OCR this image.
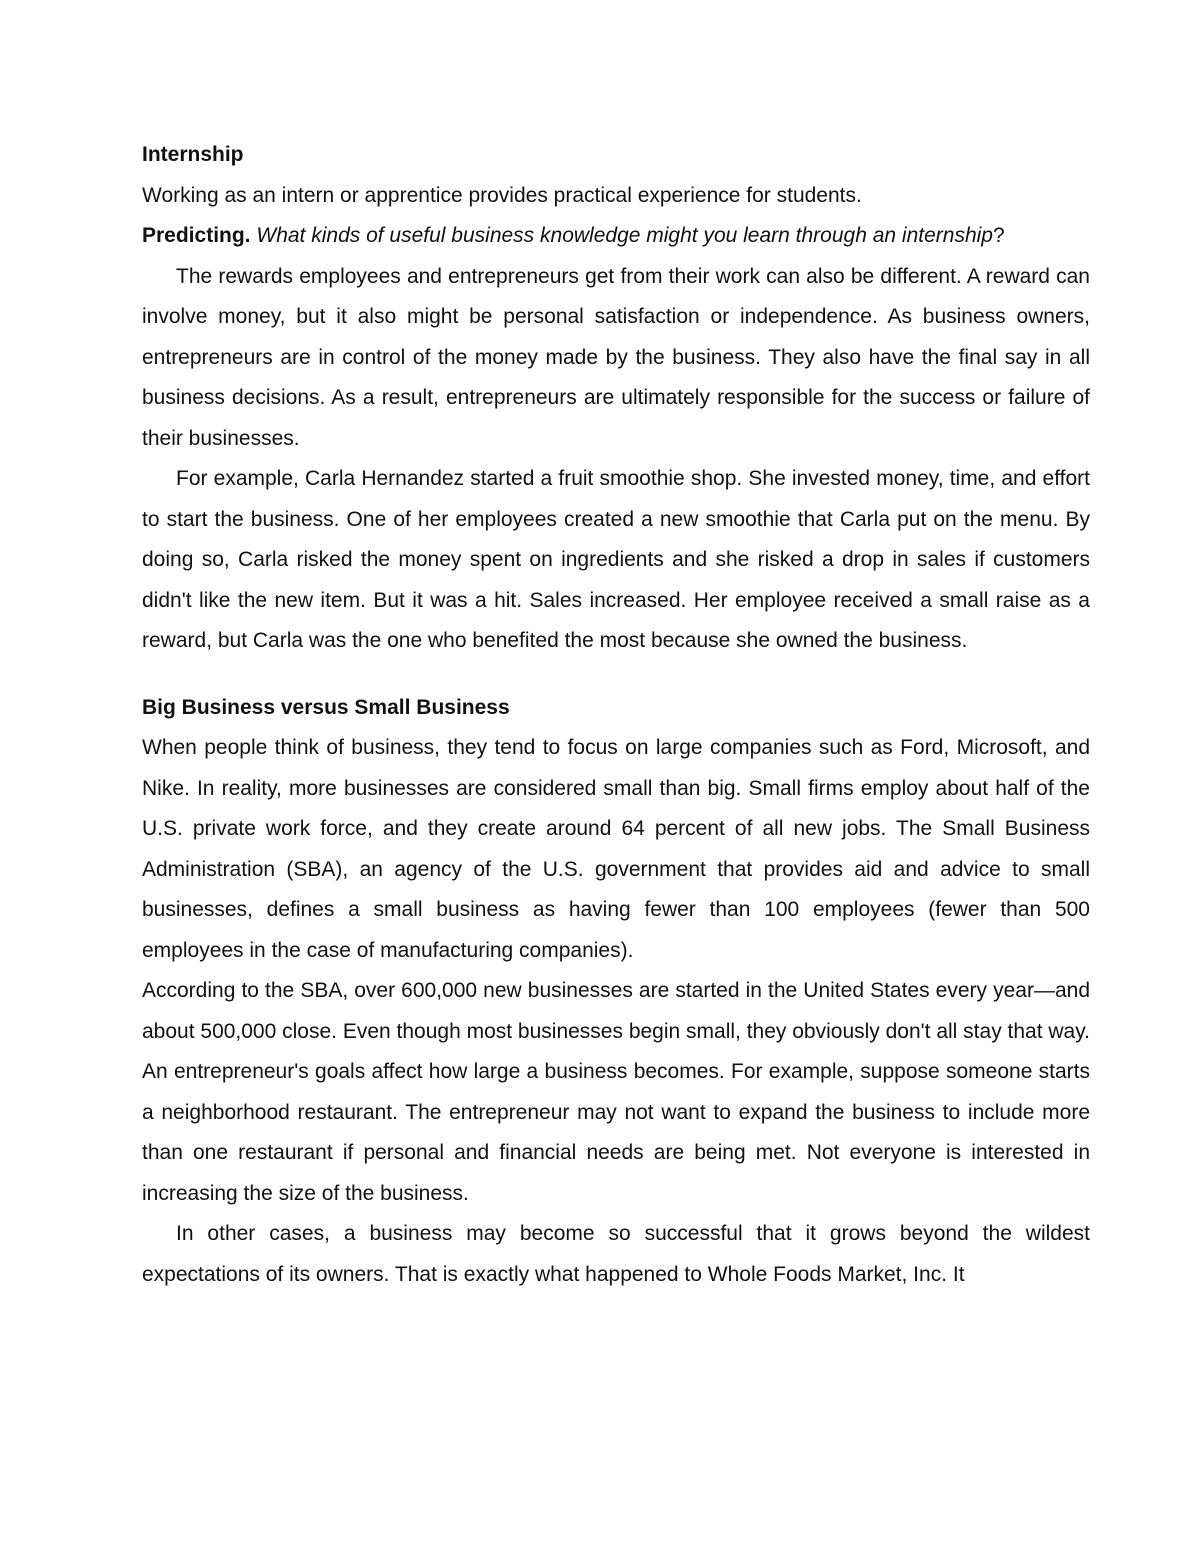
Internship

Working as an intern or apprentice provides practical experience for students.

Predicting. What kinds of useful business knowledge might you learn through an internship?

The rewards employees and entrepreneurs get from their work can also be different. A reward can involve money, but it also might be personal satisfaction or independence. As business owners, entrepreneurs are in control of the money made by the business. They also have the final say in all business decisions. As a result, entrepreneurs are ultimately responsible for the success or failure of their businesses.

For example, Carla Hernandez started a fruit smoothie shop. She invested money, time, and effort to start the business. One of her employees created a new smoothie that Carla put on the menu. By doing so, Carla risked the money spent on ingredients and she risked a drop in sales if customers didn't like the new item. But it was a hit. Sales increased. Her employee received a small raise as a reward, but Carla was the one who benefited the most because she owned the business.

Big Business versus Small Business

When people think of business, they tend to focus on large companies such as Ford, Microsoft, and Nike. In reality, more businesses are considered small than big. Small firms employ about half of the U.S. private work force, and they create around 64 percent of all new jobs. The Small Business Administration (SBA), an agency of the U.S. government that provides aid and advice to small businesses, defines a small business as having fewer than 100 employees (fewer than 500 employees in the case of manufacturing companies).

According to the SBA, over 600,000 new businesses are started in the United States every year—and about 500,000 close. Even though most businesses begin small, they obviously don't all stay that way. An entrepreneur's goals affect how large a business becomes. For example, suppose someone starts a neighborhood restaurant. The entrepreneur may not want to expand the business to include more than one restaurant if personal and financial needs are being met. Not everyone is interested in increasing the size of the business.

In other cases, a business may become so successful that it grows beyond the wildest expectations of its owners. That is exactly what happened to Whole Foods Market, Inc. It
